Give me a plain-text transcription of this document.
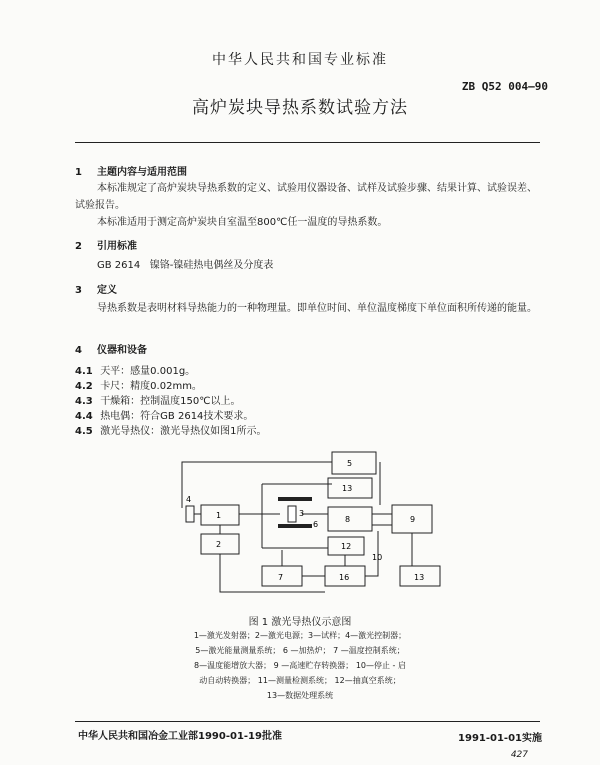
中华人民共和国专业标准
ZB Q52 004—90
高炉炭块导热系数试验方法
1 主题内容与适用范围
本标准规定了高炉炭块导热系数的定义、试验用仪器设备、试样及试验步骤、结果计算、试验误差、试验报告。
本标准适用于测定高炉炭块自室温至800℃任一温度的导热系数。
2 引用标准
GB 2614 镍铬-镍硅热电偶丝及分度表
3 定义
导热系数是表明材料导热能力的一种物理量。即单位时间、单位温度梯度下单位面积所传递的能量。
4 仪器和设备
4.1 天平：感量0.001g。
4.2 卡尺：精度0.02mm。
4.3 干燥箱：控制温度150℃以上。
4.4 热电偶：符合GB 2614技术要求。
4.5 激光导热仪：激光导热仪如图1所示。
5
13
1
2
4
3
6
8
12
9
7	16	13
10
图 1 激光导热仪示意图
1—激光发射器；2—激光电源；3—试样；4—激光控制器；
5—激光能量测量系统； 6 —加热炉； 7 —温度控制系统；
8—温度能增放大器； 9 —高速贮存转换器； 10—停止 - 启
动自动转换器； 11—测量检测系统； 12—抽真空系统；
13—数据处理系统
中华人民共和国冶金工业部1990-01-19批准	1991-01-01实施
427
